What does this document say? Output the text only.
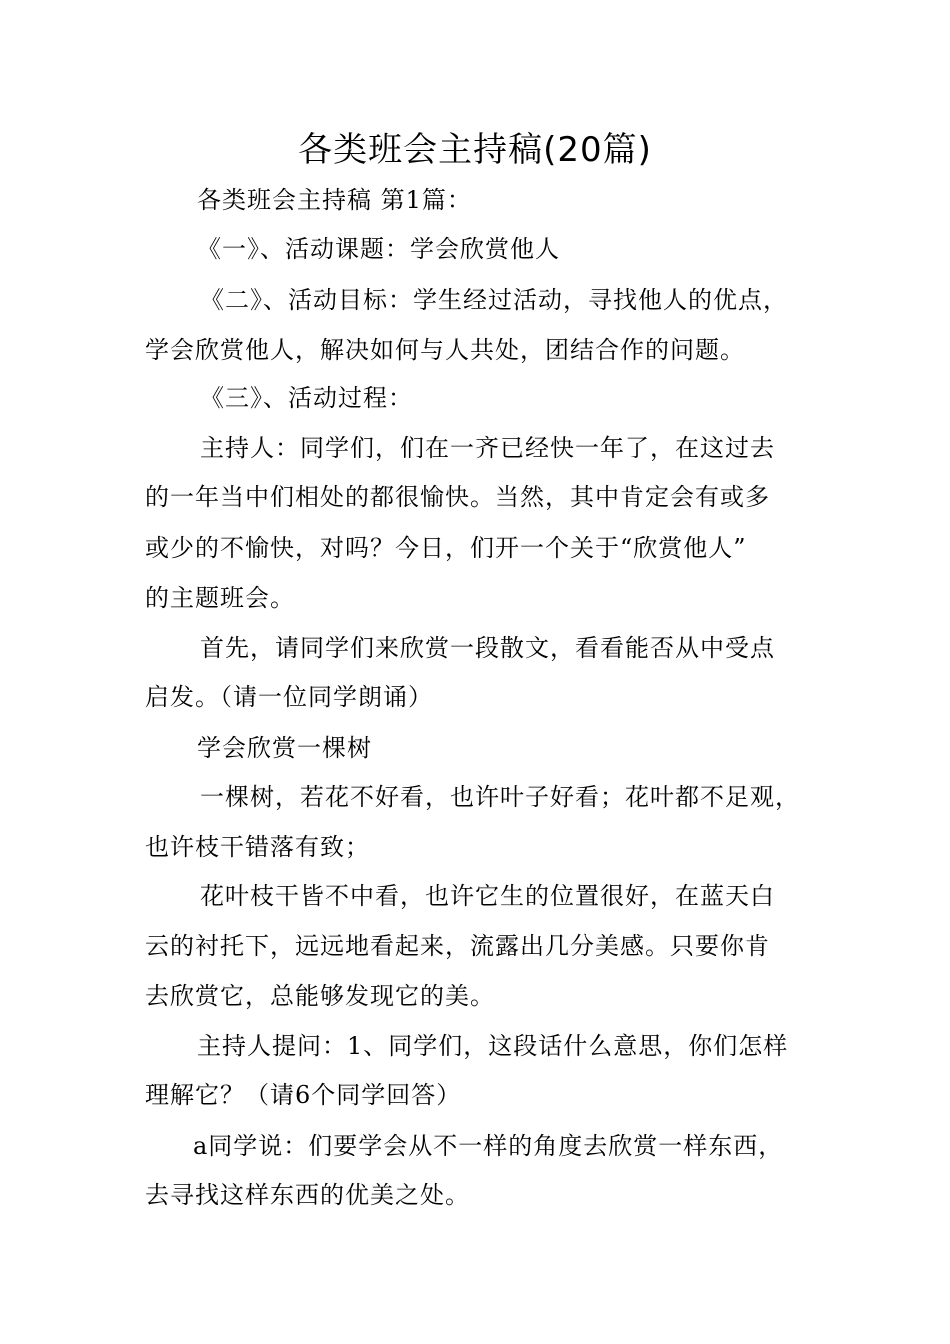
各类班会主持稿(20篇)
各类班会主持稿 第1篇：
《一》、活动课题：学会欣赏他人
《二》、活动目标：学生经过活动，寻找他人的优点，
学会欣赏他人，解决如何与人共处，团结合作的问题。
《三》、活动过程：
主持人：同学们，们在一齐已经快一年了，在这过去
的一年当中们相处的都很愉快。当然，其中肯定会有或多
或少的不愉快，对吗？今日，们开一个关于“欣赏他人”
的主题班会。
首先，请同学们来欣赏一段散文，看看能否从中受点
启发。（请一位同学朗诵）
学会欣赏一棵树
一棵树，若花不好看，也许叶子好看；花叶都不足观，
也许枝干错落有致；
花叶枝干皆不中看，也许它生的位置很好，在蓝天白
云的衬托下，远远地看起来，流露出几分美感。只要你肯
去欣赏它，总能够发现它的美。
主持人提问：1、同学们，这段话什么意思，你们怎样
理解它？（请6个同学回答）
a同学说：们要学会从不一样的角度去欣赏一样东西，
去寻找这样东西的优美之处。
